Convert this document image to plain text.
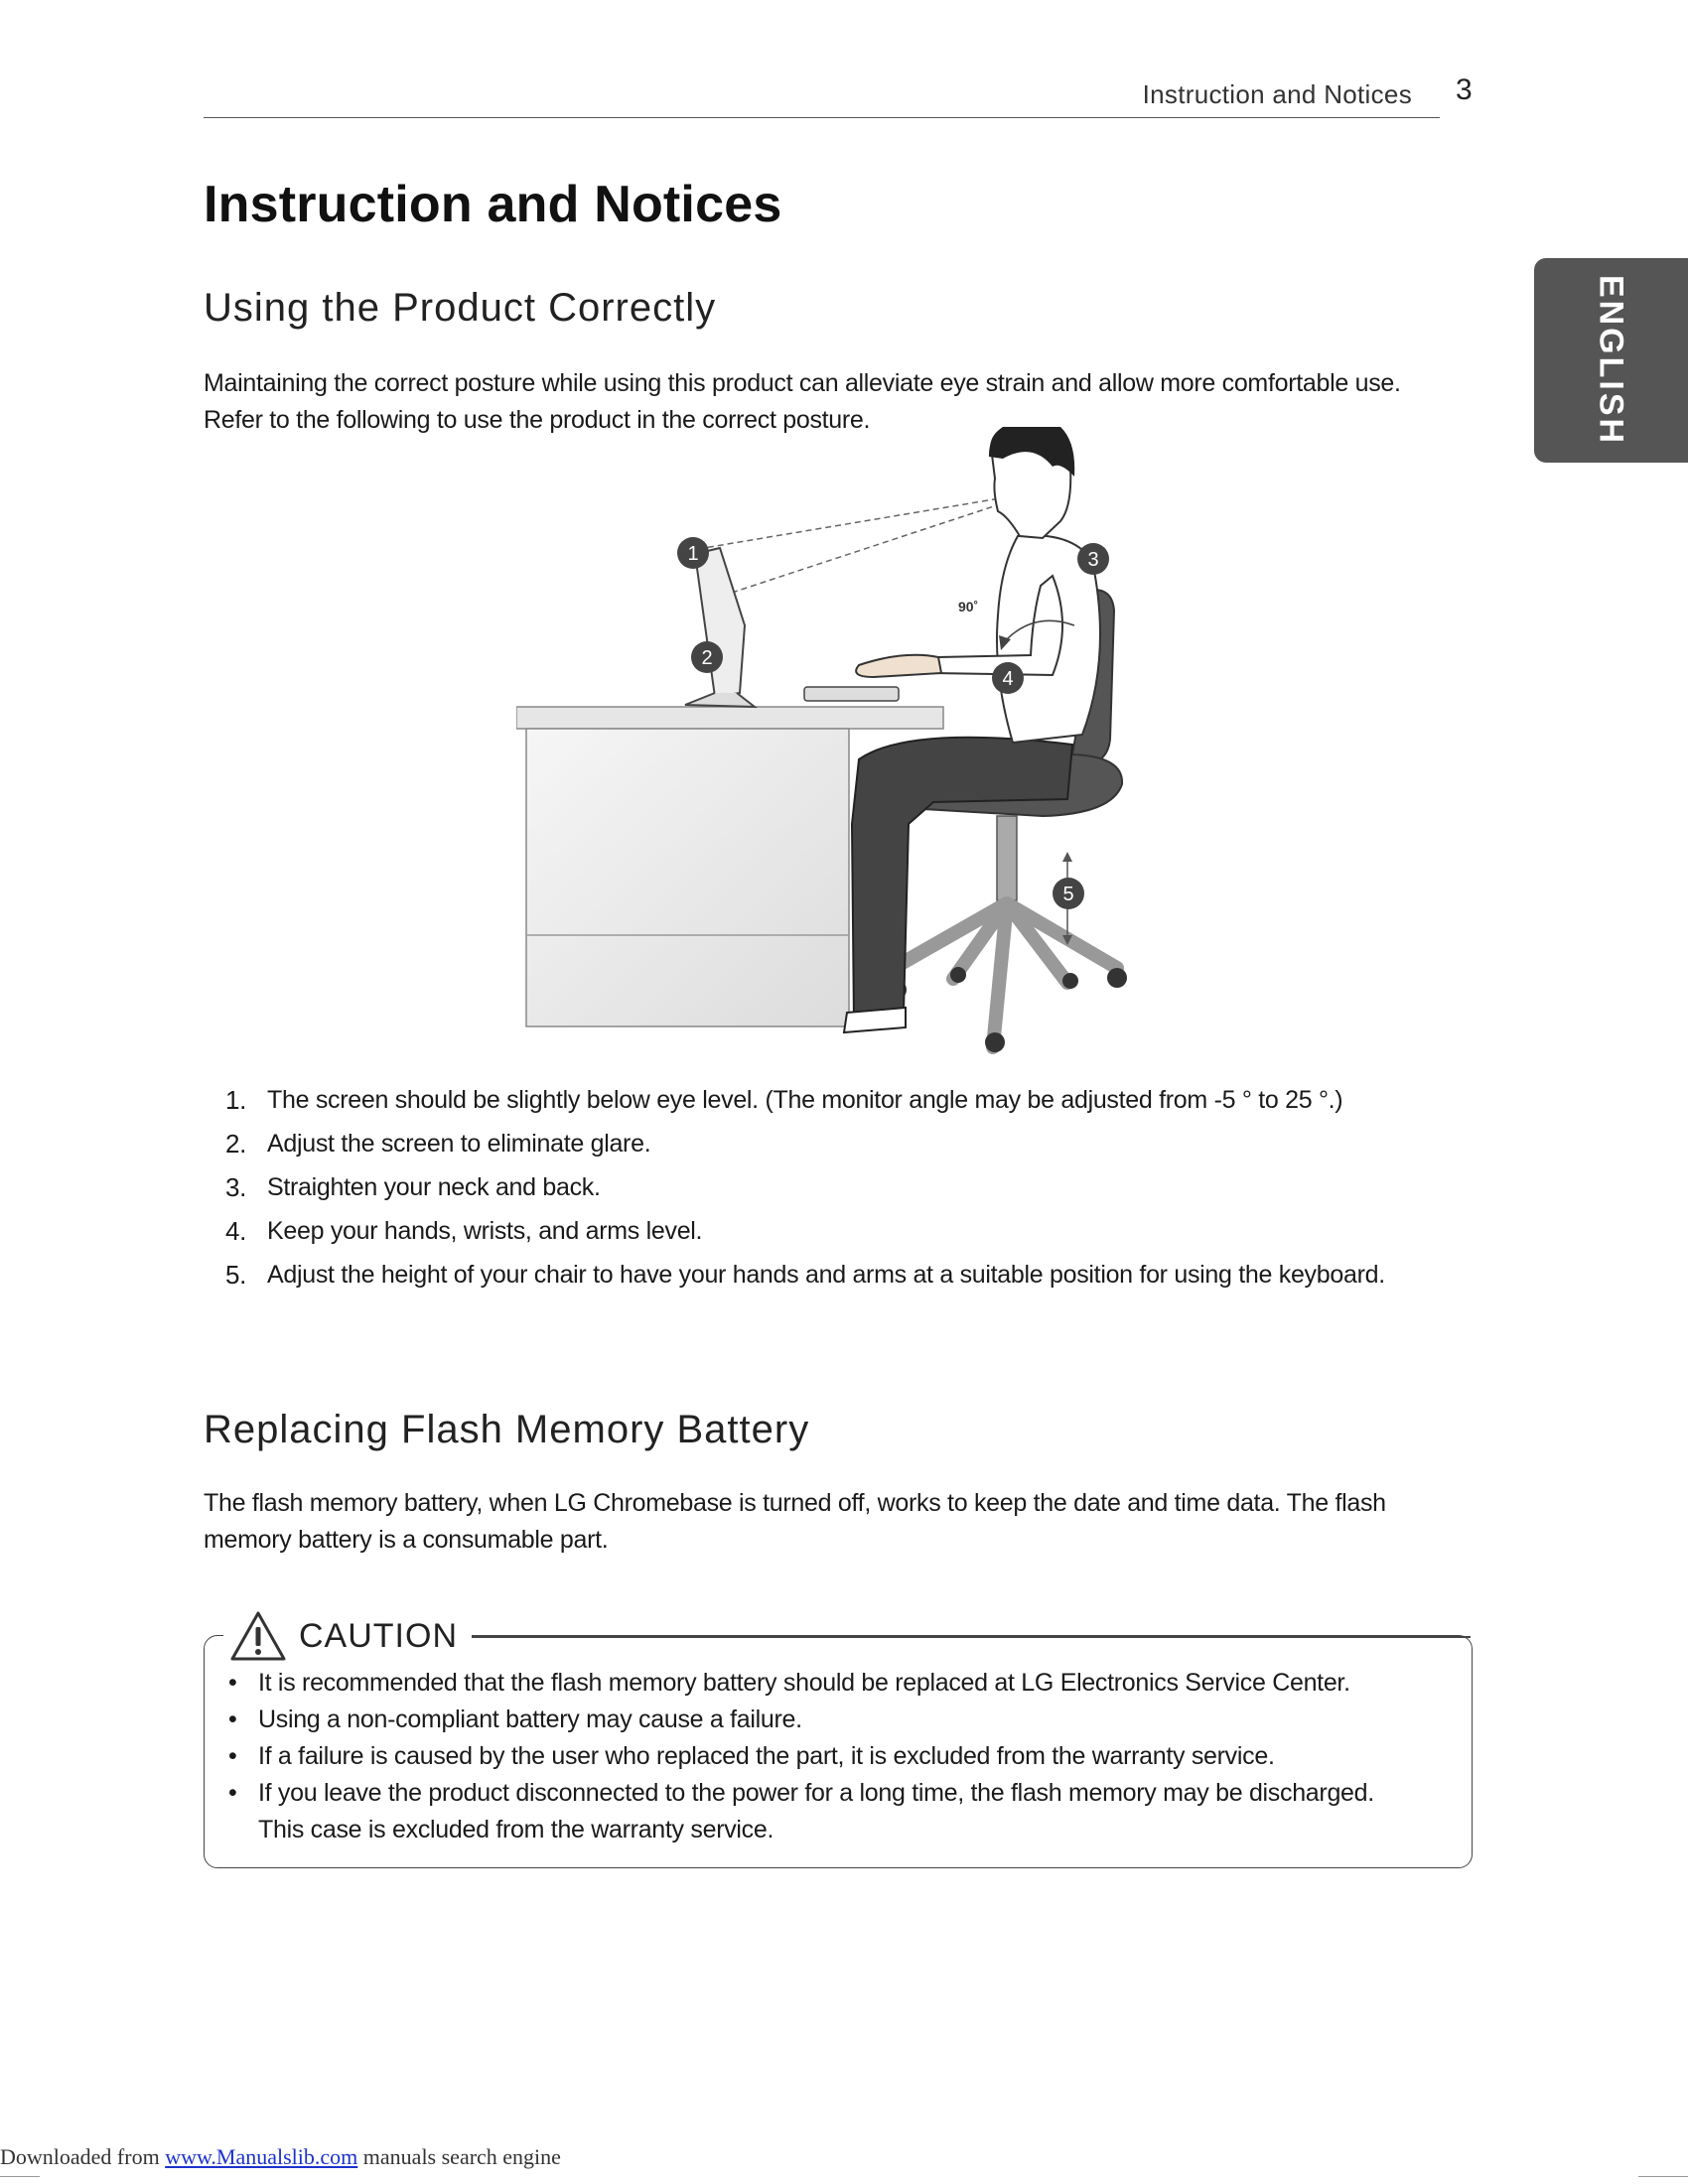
Instruction and Notices 3
ENGLISH
Instruction and Notices
Using the Product Correctly
Maintaining the correct posture while using this product can alleviate eye strain and allow more comfortable use.
Refer to the following to use the product in the correct posture.
90˚
1
2
3
4
5
1. The screen should be slightly below eye level. (The monitor angle may be adjusted from -5 ° to 25 °.)
2. Adjust the screen to eliminate glare.
3. Straighten your neck and back.
4. Keep your hands, wrists, and arms level.
5. Adjust the height of your chair to have your hands and arms at a suitable position for using the keyboard.
Replacing Flash Memory Battery
The flash memory battery, when LG Chromebase is turned off, works to keep the date and time data. The flash
memory battery is a consumable part.
CAUTION
• It is recommended that the flash memory battery should be replaced at LG Electronics Service Center.
• Using a non-compliant battery may cause a failure.
• If a failure is caused by the user who replaced the part, it is excluded from the warranty service.
• If you leave the product disconnected to the power for a long time, the flash memory may be discharged.
This case is excluded from the warranty service.
Downloaded from www.Manualslib.com manuals search engine
